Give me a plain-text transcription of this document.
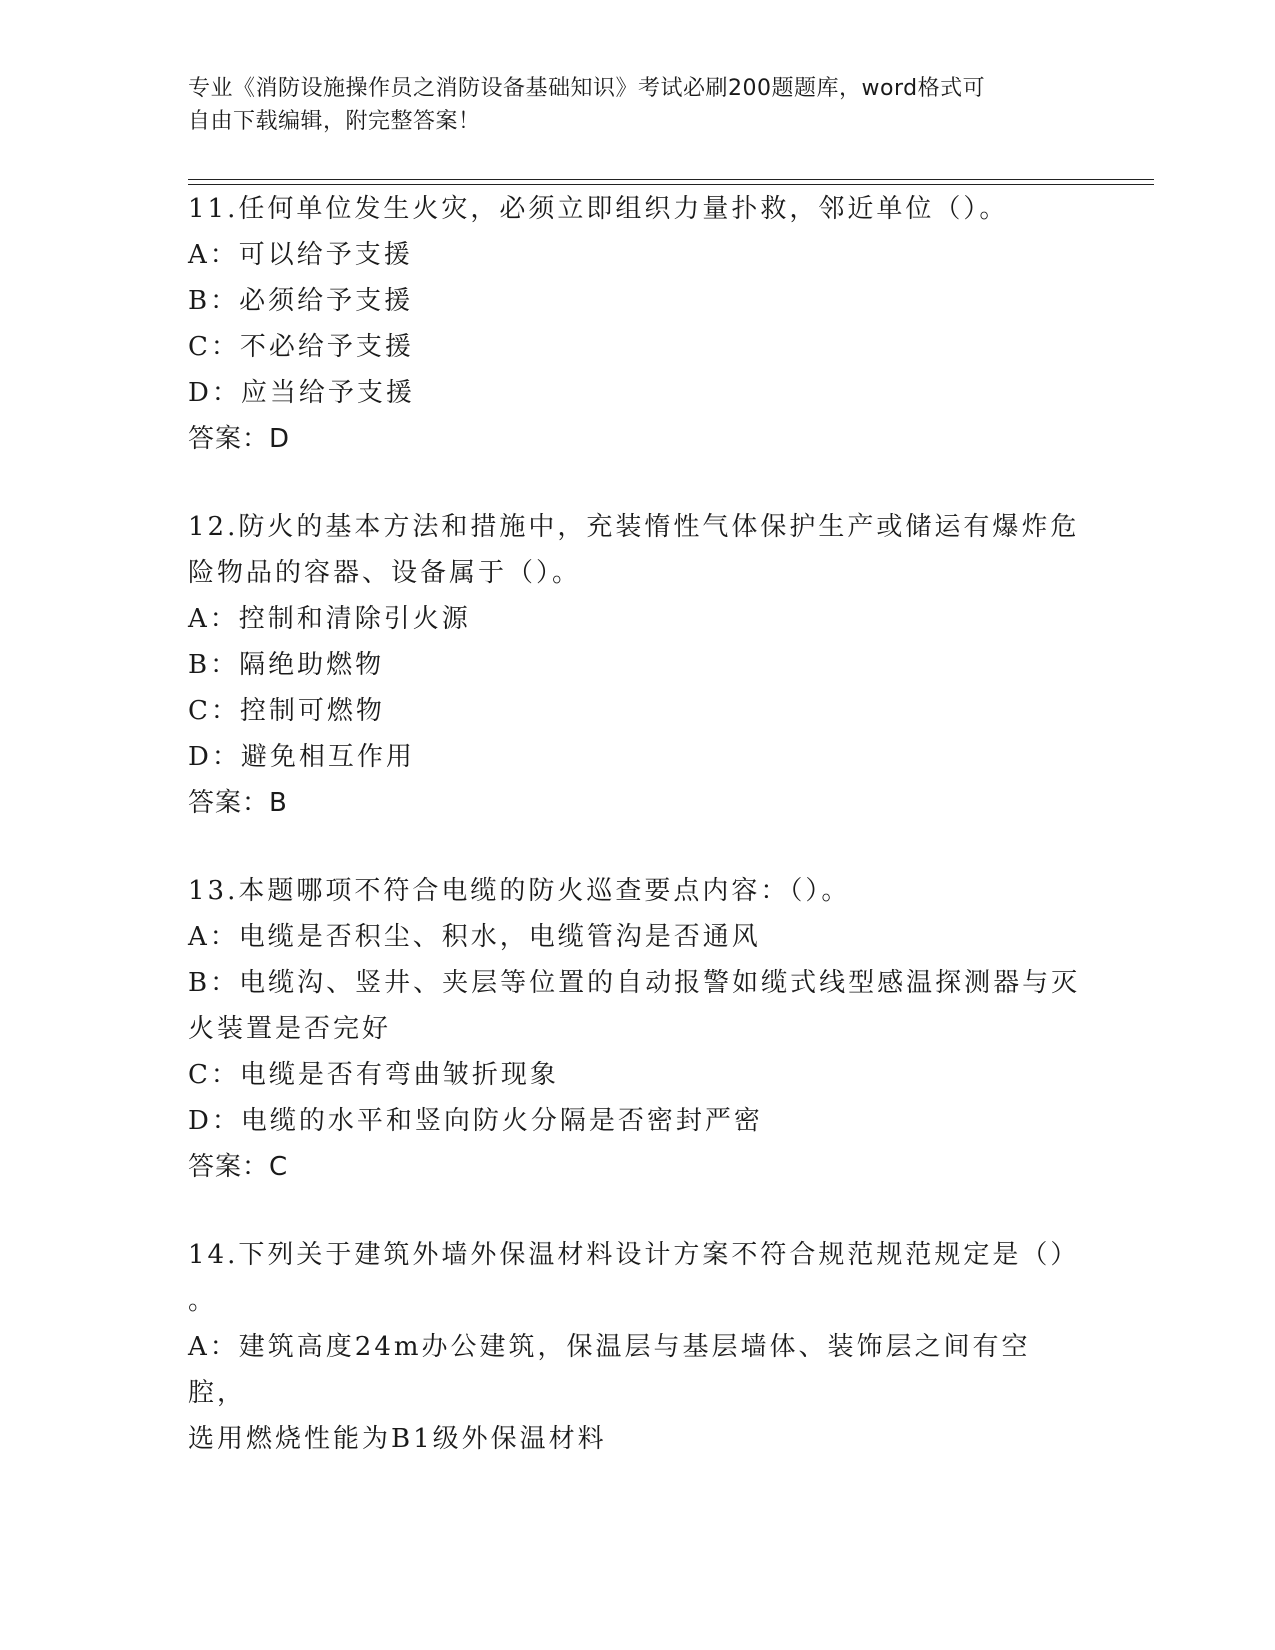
专业《消防设施操作员之消防设备基础知识》考试必刷200题题库，word格式可
自由下载编辑，附完整答案！

11.任何单位发生火灾，必须立即组织力量扑救，邻近单位（）。

A：可以给予支援

B：必须给予支援

C：不必给予支援

D：应当给予支援

答案：D

12.防火的基本方法和措施中，充装惰性气体保护生产或储运有爆炸危

险物品的容器、设备属于（）。

A：控制和清除引火源

B：隔绝助燃物

C：控制可燃物

D：避免相互作用

答案：B

13.本题哪项不符合电缆的防火巡查要点内容：（）。

A：电缆是否积尘、积水，电缆管沟是否通风

B：电缆沟、竖井、夹层等位置的自动报警如缆式线型感温探测器与灭

火装置是否完好

C：电缆是否有弯曲皱折现象

D：电缆的水平和竖向防火分隔是否密封严密

答案：C

14.下列关于建筑外墙外保温材料设计方案不符合规范规范规定是（）

。

A：建筑高度24m办公建筑，保温层与基层墙体、装饰层之间有空腔，

选用燃烧性能为B1级外保温材料
